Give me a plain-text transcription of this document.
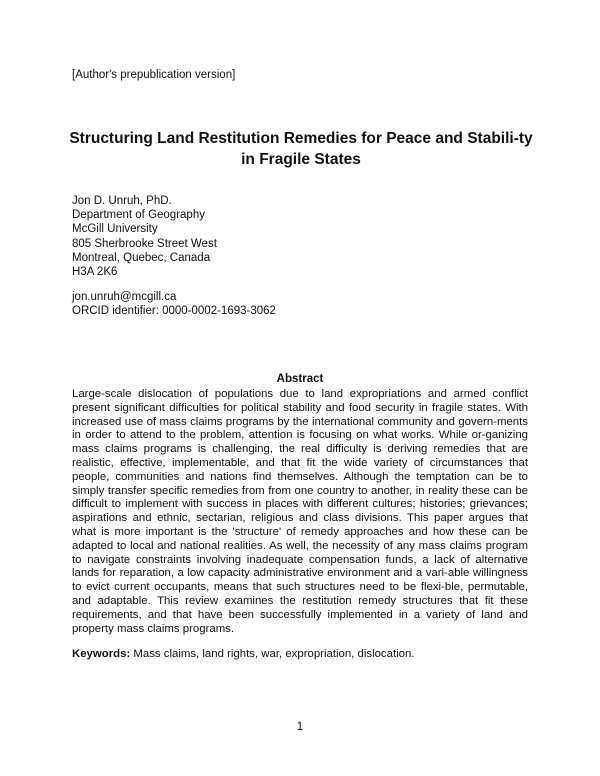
[Author's prepublication version]
Structuring Land Restitution Remedies for Peace and Stabili-ty in Fragile States
Jon D. Unruh, PhD.
Department of Geography
McGill University
805 Sherbrooke Street West
Montreal, Quebec, Canada
H3A 2K6
jon.unruh@mcgill.ca
ORCID identifier: 0000-0002-1693-3062
Abstract
Large-scale dislocation of populations due to land expropriations and armed conflict present significant difficulties for political stability and food security in fragile states. With increased use of mass claims programs by the international community and govern-ments in order to attend to the problem, attention is focusing on what works. While or-ganizing mass claims programs is challenging, the real difficulty is deriving remedies that are realistic, effective, implementable, and that fit the wide variety of circumstances that people, communities and nations find themselves. Although the temptation can be to simply transfer specific remedies from from one country to another, in reality these can be difficult to implement with success in places with different cultures; histories; grievances; aspirations and ethnic, sectarian, religious and class divisions. This paper argues that what is more important is the 'structure' of remedy approaches and how these can be adapted to local and national realities. As well, the necessity of any mass claims program to navigate constraints involving inadequate compensation funds, a lack of alternative lands for reparation, a low capacity administrative environment and a vari-able willingness to evict current occupants, means that such structures need to be flexi-ble, permutable, and adaptable. This review examines the restitution remedy structures that fit these requirements, and that have been successfully implemented in a variety of land and property mass claims programs.
Keywords: Mass claims, land rights, war, expropriation, dislocation.
1
